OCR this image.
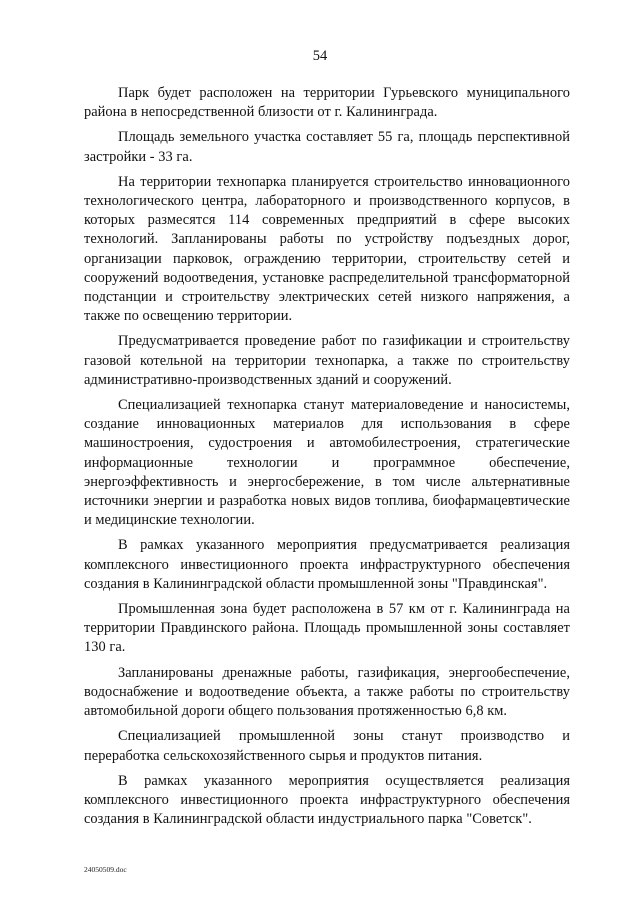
54

Парк будет расположен на территории Гурьевского муниципального района в непосредственной близости от г. Калининграда.

Площадь земельного участка составляет 55 га, площадь перспективной застройки - 33 га.

На территории технопарка планируется строительство инновационного технологического центра, лабораторного и производственного корпусов, в которых размесятся 114 современных предприятий в сфере высоких технологий. Запланированы работы по устройству подъездных дорог, организации парковок, ограждению территории, строительству сетей и сооружений водоотведения, установке распределительной трансформаторной подстанции и строительству электрических сетей низкого напряжения, а также по освещению территории.

Предусматривается проведение работ по газификации и строительству газовой котельной на территории технопарка, а также по строительству административно-производственных зданий и сооружений.

Специализацией технопарка станут материаловедение и наносистемы, создание инновационных материалов для использования в сфере машиностроения, судостроения и автомобилестроения, стратегические информационные технологии и программное обеспечение, энергоэффективность и энергосбережение, в том числе альтернативные источники энергии и разработка новых видов топлива, биофармацевтические и медицинские технологии.

В рамках указанного мероприятия предусматривается реализация комплексного инвестиционного проекта инфраструктурного обеспечения создания в Калининградской области промышленной зоны "Правдинская".

Промышленная зона будет расположена в 57 км от г. Калининграда на территории Правдинского района. Площадь промышленной зоны составляет 130 га.

Запланированы дренажные работы, газификация, энергообеспечение, водоснабжение и водоотведение объекта, а также работы по строительству автомобильной дороги общего пользования протяженностью 6,8 км.

Специализацией промышленной зоны станут производство и переработка сельскохозяйственного сырья и продуктов питания.

В рамках указанного мероприятия осуществляется реализация комплексного инвестиционного проекта инфраструктурного обеспечения создания в Калининградской области индустриального парка "Советск".

24050509.doc
